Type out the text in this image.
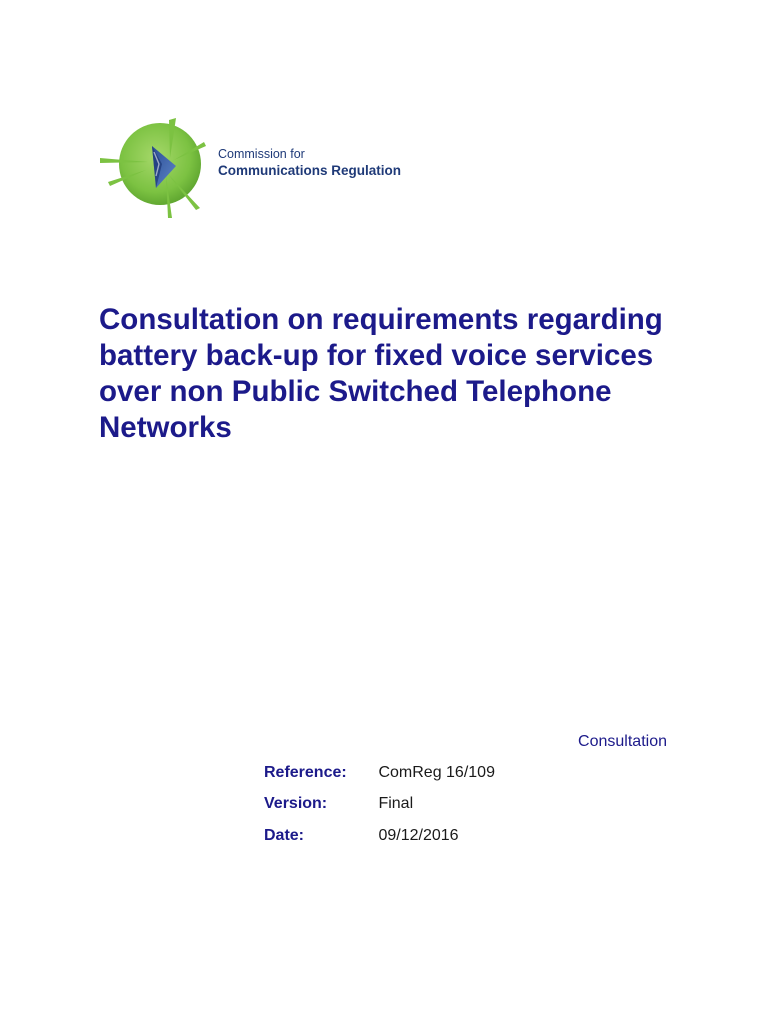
Commission for
Communications Regulation
Consultation on requirements regarding battery back-up for fixed voice services over non Public Switched Telephone Networks
Consultation
Reference: ComReg 16/109
Version:	Final
Date:	09/12/2016
